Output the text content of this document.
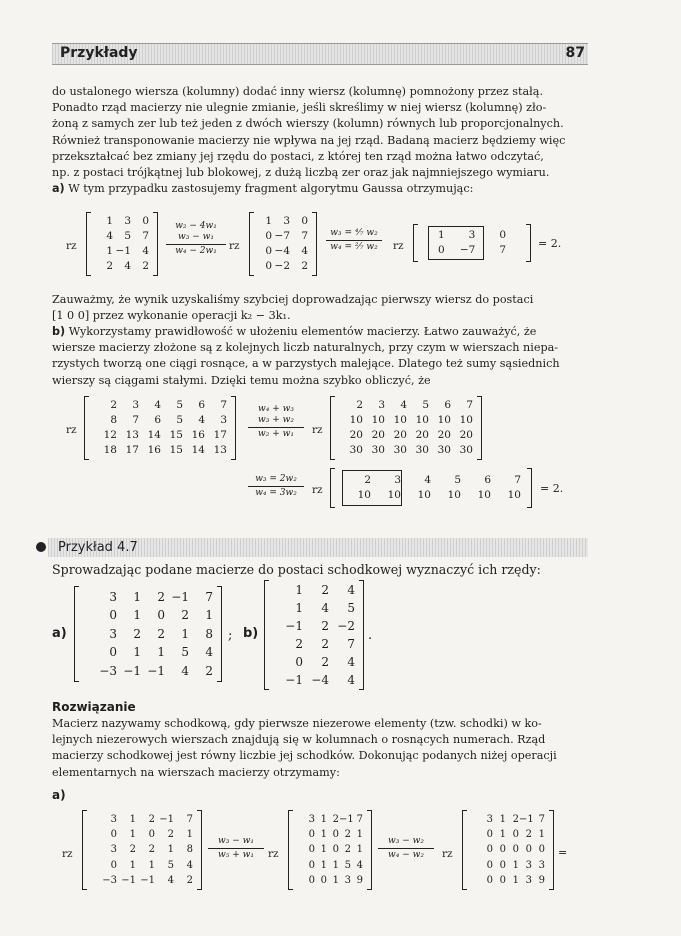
Przykłady	87
do ustalonego wiersza (kolumny) dodać inny wiersz (kolumnę) pomnożony przez stałą.
Ponadto rząd macierzy nie ulegnie zmianie, jeśli skreślimy w niej wiersz (kolumnę) zło-
żoną z samych zer lub też jeden z dwóch wierszy (kolumn) równych lub proporcjonalnych.
Również transponowanie macierzy nie wpływa na jej rząd. Badaną macierz będziemy więc
przekształcać bez zmiany jej rzędu do postaci, z której ten rząd można łatwo odczytać,
np. z postaci trójkątnej lub blokowej, z dużą liczbą zer oraz jak najmniejszego wymiaru.
a) W tym przypadku zastosujemy fragment algorytmu Gaussa otrzymując:
rz
1	3	0
4	5	7
1 −1	4
2	4	2
w₂ − 4w₁
w₃ − w₁
w₄ − 2w₁	rz
1	3	0
0 −7	7
0 −4	4
0 −2	2
w₃ = ⁴⁄₇ w₂
w₄ = ²⁄₇ w₂	rz
1	3	0
0	−7	7	= 2.
Zauważmy, że wynik uzyskaliśmy szybciej doprowadzając pierwszy wiersz do postaci
[1 0 0] przez wykonanie operacji k₂ − 3k₁.
b) Wykorzystamy prawidłowość w ułożeniu elementów macierzy. Łatwo zauważyć, że
wiersze macierzy złożone są z kolejnych liczb naturalnych, przy czym w wierszach niepa-
rzystych tworzą one ciągi rosnące, a w parzystych malejące. Dlatego też sumy sąsiednich
wierszy są ciągami stałymi. Dzięki temu można szybko obliczyć, że
rz
2	3	4	5	6	7
8	7	6	5	4	3
12 13 14 15 16 17
18 17 16 15 14 13
w₄ + w₃
w₃ + w₂
w₂ + w₁	rz
2	3	4	5	6	7
10 10 10 10 10 10
20 20 20 20 20 20
30 30 30 30 30 30
w₃ = 2w₂
w₄ = 3w₂	rz
2	3	4	5	6	7
10	10	10	10	10	10 = 2.
Przykład 4.7
Sprowadzając podane macierze do postaci schodkowej wyznaczyć ich rzędy:
a)
3	1	2 −1	7
0	1	0	2	1
3	2	2	1	8
0	1	1	5	4
−3 −1 −1	4	2
; b)
1	2	4
1	4	5
−1	2 −2
2	2	7
0	2	4
−1 −4	4
.
Rozwiązanie
Macierz nazywamy schodkową, gdy pierwsze niezerowe elementy (tzw. schodki) w ko-
lejnych niezerowych wierszach znajdują się w kolumnach o rosnących numerach. Rząd
macierzy schodkowej jest równy liczbie jej schodków. Dokonując podanych niżej operacji
elementarnych na wierszach macierzy otrzymamy:
a)
rz
3	1	2 −1	7
0	1	0	2	1
3	2	2	1	8
0	1	1	5	4
−3 −1 −1	4	2
w₃ − w₁
w₅ + w₁	rz
3 1 2 −1 7
0 1 0 2 1
0 1 0 2 1
0 1 1 5 4
0 0 1 3 9
w₃ − w₂
w₄ − w₂	rz
3 1 2 −1 7
0 1 0 2 1
0 0 0 0 0
0 0 1 3 3
0 0 1 3 9
=
